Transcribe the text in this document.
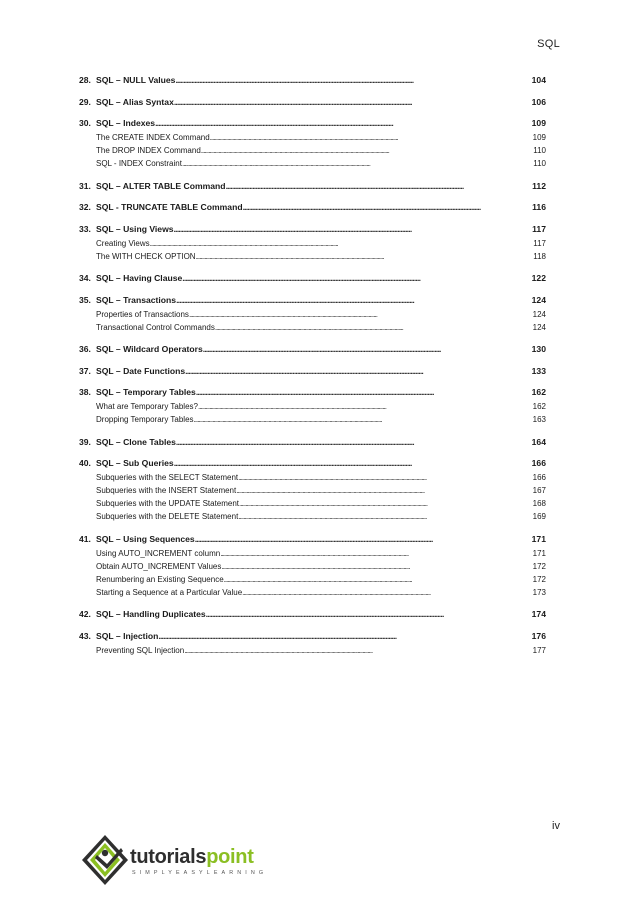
SQL
28. SQL – NULL Values . . .	104
29. SQL – Alias Syntax . . .	106
30. SQL – Indexes . . .	109
The CREATE INDEX Command . . .	109
The DROP INDEX Command . . .	110
SQL - INDEX Constraint . . .	110
31. SQL – ALTER TABLE Command . . .	112
32. SQL - TRUNCATE TABLE Command . . .	116
33. SQL – Using Views . . .	117
Creating Views . . .	117
The WITH CHECK OPTION . . .	118
34. SQL – Having Clause . . .	122
35. SQL – Transactions . . .	124
Properties of Transactions . . .	124
Transactional Control Commands . . .	124
36. SQL – Wildcard Operators . . .	130
37. SQL – Date Functions . . .	133
38. SQL – Temporary Tables . . .	162
What are Temporary Tables? . . .	162
Dropping Temporary Tables . . .	163
39. SQL – Clone Tables . . .	164
40. SQL – Sub Queries . . .	166
Subqueries with the SELECT Statement . . .	166
Subqueries with the INSERT Statement . . .	167
Subqueries with the UPDATE Statement . . .	168
Subqueries with the DELETE Statement . . .	169
41. SQL – Using Sequences . . .	171
Using AUTO_INCREMENT column . . .	171
Obtain AUTO_INCREMENT Values . . .	172
Renumbering an Existing Sequence . . .	172
Starting a Sequence at a Particular Value . . .	173
42. SQL – Handling Duplicates . . .	174
43. SQL – Injection . . .	176
Preventing SQL Injection . . .	177
iv
tutorialspoint
SIMPLYEASYLEARNING
